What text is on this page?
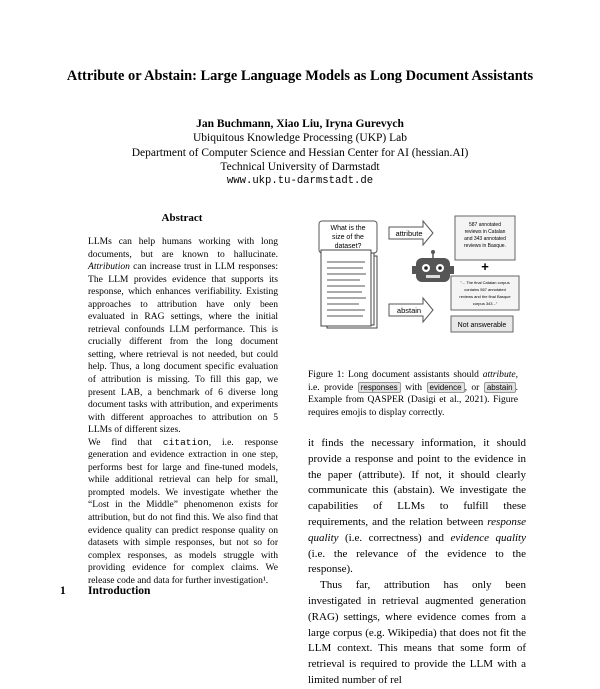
Attribute or Abstain: Large Language Models as Long Document Assistants
Jan Buchmann, Xiao Liu, Iryna Gurevych
Ubiquitous Knowledge Processing (UKP) Lab
Department of Computer Science and Hessian Center for AI (hessian.AI)
Technical University of Darmstadt
www.ukp.tu-darmstadt.de
Abstract

LLMs can help humans working with long documents, but are known to hallucinate. Attribution can increase trust in LLM responses: The LLM provides evidence that supports its response, which enhances verifiability. Existing approaches to attribution have only been evaluated in RAG settings, where the initial retrieval confounds LLM performance. This is crucially different from the long document setting, where retrieval is not needed, but could help. Thus, a long document specific evaluation of attribution is missing. To fill this gap, we present LAB, a benchmark of 6 diverse long document tasks with attribution, and experiments with different approaches to attribution on 5 LLMs of different sizes.

We find that citation, i.e. response generation and evidence extraction in one step, performs best for large and fine-tuned models, while additional retrieval can help for small, prompted models. We investigate whether the “Lost in the Middle” phenomenon exists for attribution, but do not find this. We also find that evidence quality can predict response quality on datasets with simple responses, but not so for complex responses, as models struggle with providing evidence for complex claims. We release code and data for further investigation¹.

1 Introduction
What is the
size of the
dataset?
attribute
abstain
587 annotated
reviews in Catalan
and 343 annotated
reviews in Basque.
+
"... The final Catalan corpus
contains 567 annotated
reviews and the final Basque
corpus 343..."
Not answerable
Figure 1: Long document assistants should attribute, i.e. provide responses with evidence , or abstain . Example from QASPER (Dasigi et al., 2021). Figure requires emojis to display correctly.

it finds the necessary information, it should provide a response and point to the evidence in the paper (attribute). If not, it should clearly communicate this (abstain). We investigate the capabilities of LLMs to fulfill these requirements, and the relation between response quality (i.e. correctness) and evidence quality (i.e. the relevance of the evidence to the response).

Thus far, attribution has only been investigated in retrieval augmented generation (RAG) settings, where evidence comes from a large corpus (e.g. Wikipedia) that does not fit the LLM context. This means that some form of retrieval is required to provide the LLM with a limited number of rel
